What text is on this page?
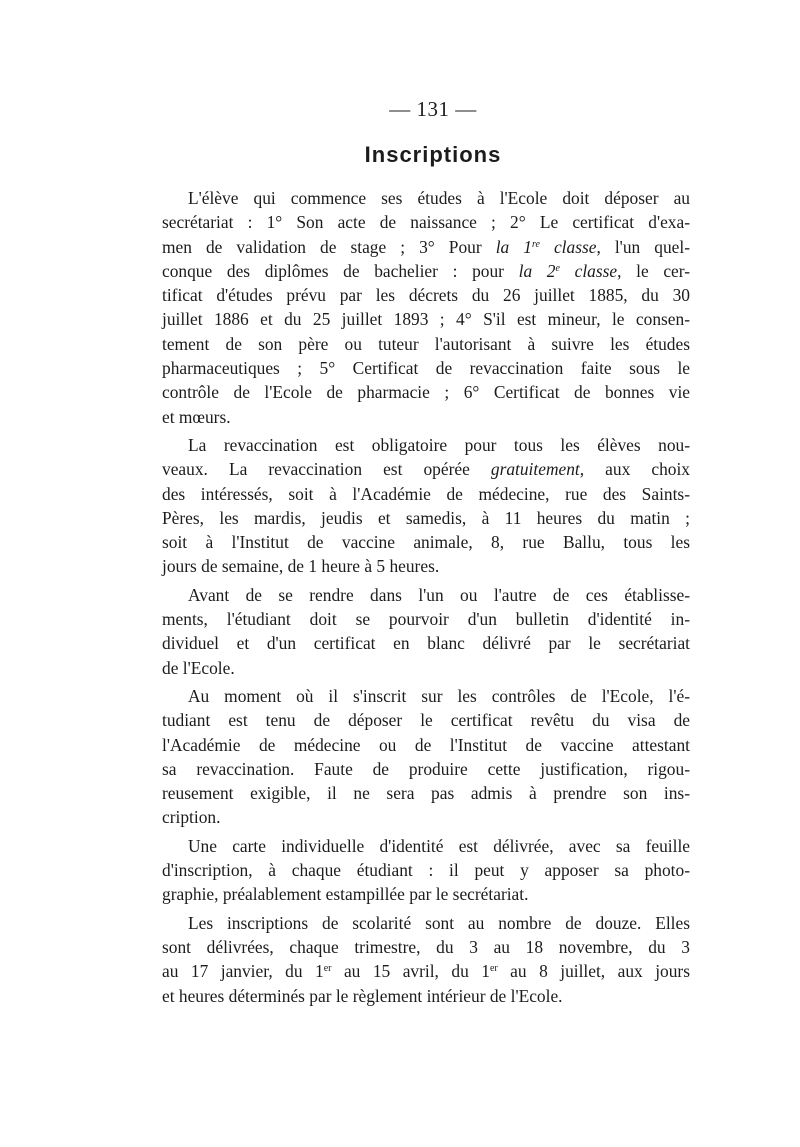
— 131 —
Inscriptions
L'élève qui commence ses études à l'Ecole doit déposer au
secrétariat : 1° Son acte de naissance ; 2° Le certificat d'exa-
men de validation de stage ; 3° Pour la 1re classe, l'un quel-
conque des diplômes de bachelier : pour la 2e classe, le cer-
tificat d'études prévu par les décrets du 26 juillet 1885, du 30
juillet 1886 et du 25 juillet 1893 ; 4° S'il est mineur, le consen-
tement de son père ou tuteur l'autorisant à suivre les études
pharmaceutiques ; 5° Certificat de revaccination faite sous le
contrôle de l'Ecole de pharmacie ; 6° Certificat de bonnes vie
et mœurs.
La revaccination est obligatoire pour tous les élèves nou-
veaux. La revaccination est opérée gratuitement, aux choix
des intéressés, soit à l'Académie de médecine, rue des Saints-
Pères, les mardis, jeudis et samedis, à 11 heures du matin ;
soit à l'Institut de vaccine animale, 8, rue Ballu, tous les
jours de semaine, de 1 heure à 5 heures.
Avant de se rendre dans l'un ou l'autre de ces établisse-
ments, l'étudiant doit se pourvoir d'un bulletin d'identité in-
dividuel et d'un certificat en blanc délivré par le secrétariat
de l'Ecole.
Au moment où il s'inscrit sur les contrôles de l'Ecole, l'é-
tudiant est tenu de déposer le certificat revêtu du visa de
l'Académie de médecine ou de l'Institut de vaccine attestant
sa revaccination. Faute de produire cette justification, rigou-
reusement exigible, il ne sera pas admis à prendre son ins-
cription.
Une carte individuelle d'identité est délivrée, avec sa feuille
d'inscription, à chaque étudiant : il peut y apposer sa photo-
graphie, préalablement estampillée par le secrétariat.
Les inscriptions de scolarité sont au nombre de douze. Elles
sont délivrées, chaque trimestre, du 3 au 18 novembre, du 3
au 17 janvier, du 1er au 15 avril, du 1er au 8 juillet, aux jours
et heures déterminés par le règlement intérieur de l'Ecole.
